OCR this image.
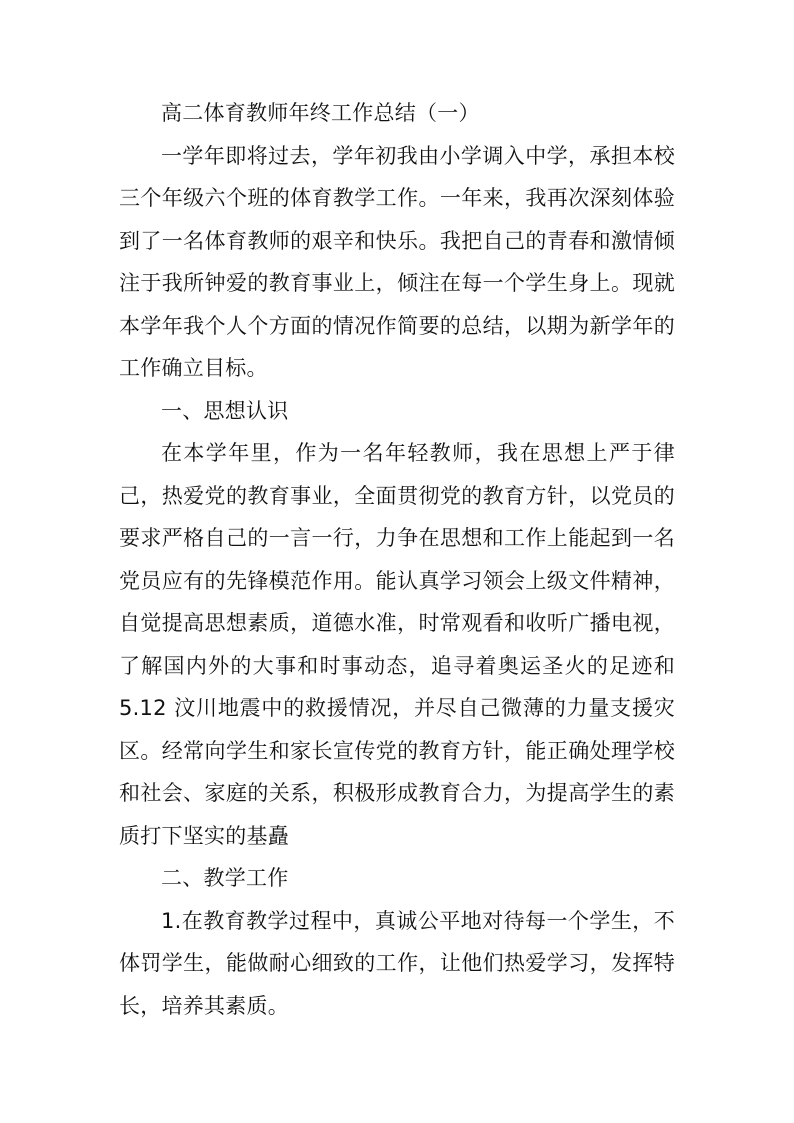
高二体育教师年终工作总结（一）

一学年即将过去，学年初我由小学调入中学，承担本校三个年级六个班的体育教学工作。一年来，我再次深刻体验到了一名体育教师的艰辛和快乐。我把自己的青春和激情倾注于我所钟爱的教育事业上，倾注在每一个学生身上。现就本学年我个人个方面的情况作简要的总结，以期为新学年的工作确立目标。

一、思想认识

在本学年里，作为一名年轻教师，我在思想上严于律己，热爱党的教育事业，全面贯彻党的教育方针，以党员的要求严格自己的一言一行，力争在思想和工作上能起到一名党员应有的先锋模范作用。能认真学习领会上级文件精神，自觉提高思想素质，道德水准，时常观看和收听广播电视，了解国内外的大事和时事动态，追寻着奥运圣火的足迹和 5.12 汶川地震中的救援情况，并尽自己微薄的力量支援灾区。经常向学生和家长宣传党的教育方针，能正确处理学校和社会、家庭的关系，积极形成教育合力，为提高学生的素质打下坚实的基矗

二、教学工作

1.在教育教学过程中，真诚公平地对待每一个学生，不体罚学生，能做耐心细致的工作，让他们热爱学习，发挥特长，培养其素质。
